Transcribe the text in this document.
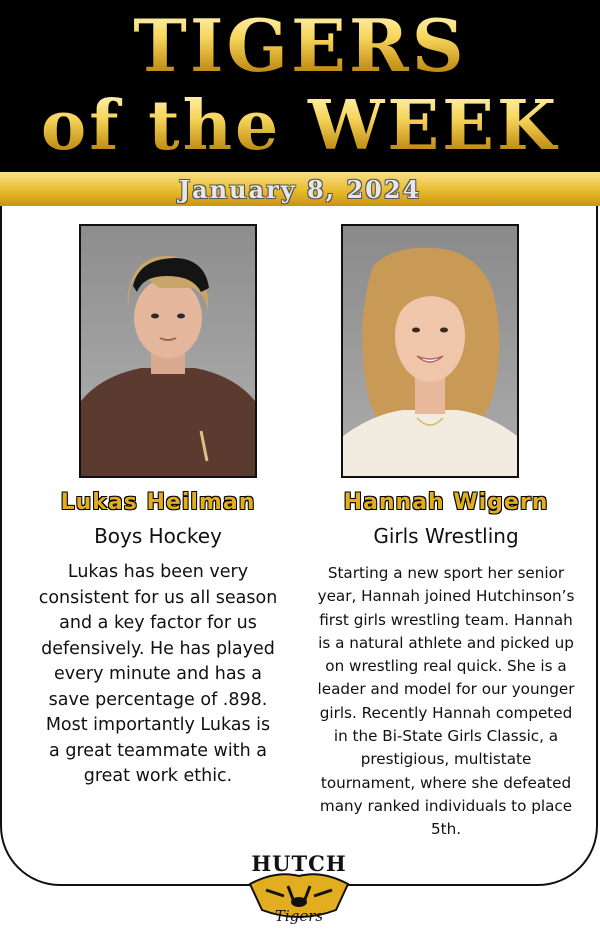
TIGERS
of the WEEK
January 8, 2024
Lukas Heilman
Boys Hockey
Lukas has been very consistent for us all season and a key factor for us defensively. He has played every minute and has a save percentage of .898. Most importantly Lukas is a great teammate with a great work ethic.
Hannah Wigern
Girls Wrestling
Starting a new sport her senior year, Hannah joined Hutchinson’s first girls wrestling team. Hannah is a natural athlete and picked up on wrestling real quick. She is a leader and model for our younger girls. Recently Hannah competed in the Bi-State Girls Classic, a prestigious, multistate tournament, where she defeated many ranked individuals to place 5th.
HUTCH
Tigers
